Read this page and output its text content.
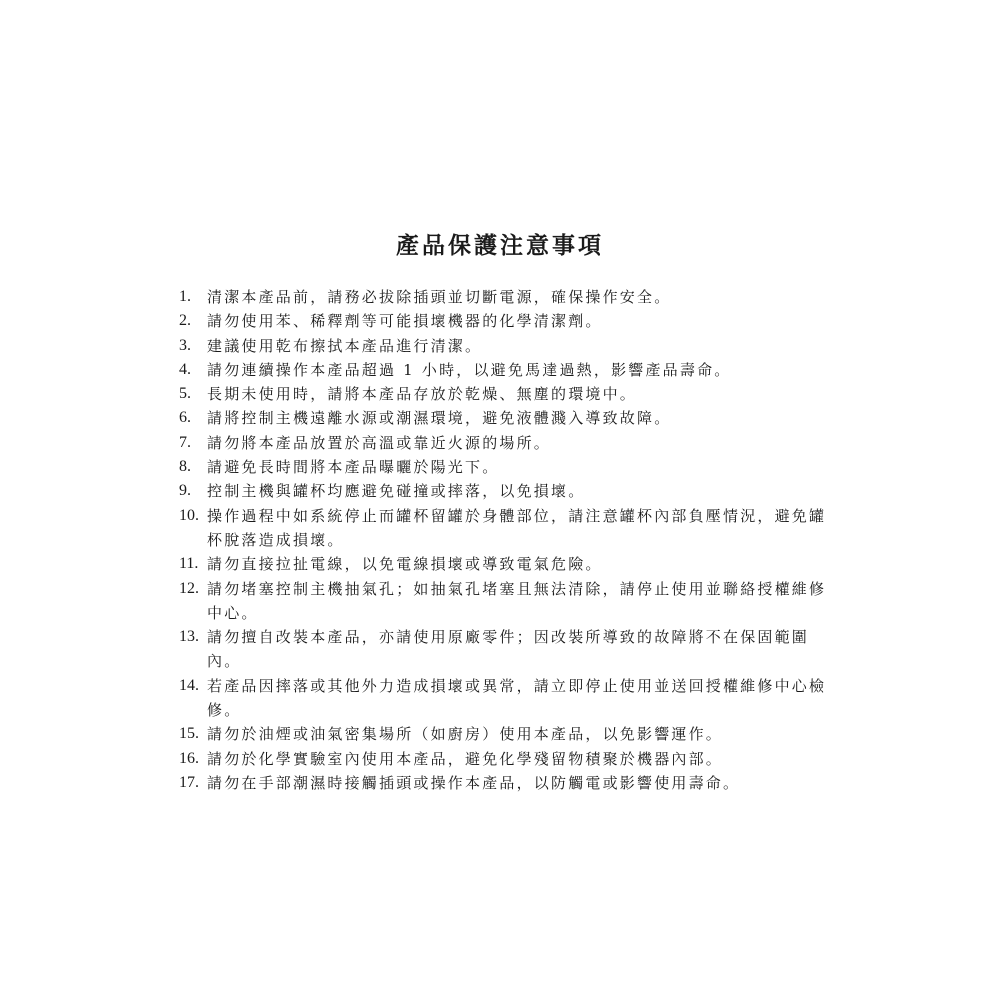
產品保護注意事項
1.	清潔本產品前，請務必拔除插頭並切斷電源，確保操作安全。
2.	請勿使用苯、稀釋劑等可能損壞機器的化學清潔劑。
3.	建議使用乾布擦拭本產品進行清潔。
4.	請勿連續操作本產品超過 1 小時，以避免馬達過熱，影響產品壽命。
5.	長期未使用時，請將本產品存放於乾燥、無塵的環境中。
6.	請將控制主機遠離水源或潮濕環境，避免液體濺入導致故障。
7.	請勿將本產品放置於高溫或靠近火源的場所。
8.	請避免長時間將本產品曝曬於陽光下。
9.	控制主機與罐杯均應避免碰撞或摔落，以免損壞。
10. 操作過程中如系統停止而罐杯留罐於身體部位，請注意罐杯內部負壓情況，避免罐杯脫落造成損壞。
11. 請勿直接拉扯電線，以免電線損壞或導致電氣危險。
12. 請勿堵塞控制主機抽氣孔；如抽氣孔堵塞且無法清除，請停止使用並聯絡授權維修中心。
13. 請勿擅自改裝本產品，亦請使用原廠零件；因改裝所導致的故障將不在保固範圍內。
14. 若產品因摔落或其他外力造成損壞或異常，請立即停止使用並送回授權維修中心檢修。
15. 請勿於油煙或油氣密集場所（如廚房）使用本產品，以免影響運作。
16. 請勿於化學實驗室內使用本產品，避免化學殘留物積聚於機器內部。
17. 請勿在手部潮濕時接觸插頭或操作本產品，以防觸電或影響使用壽命。
